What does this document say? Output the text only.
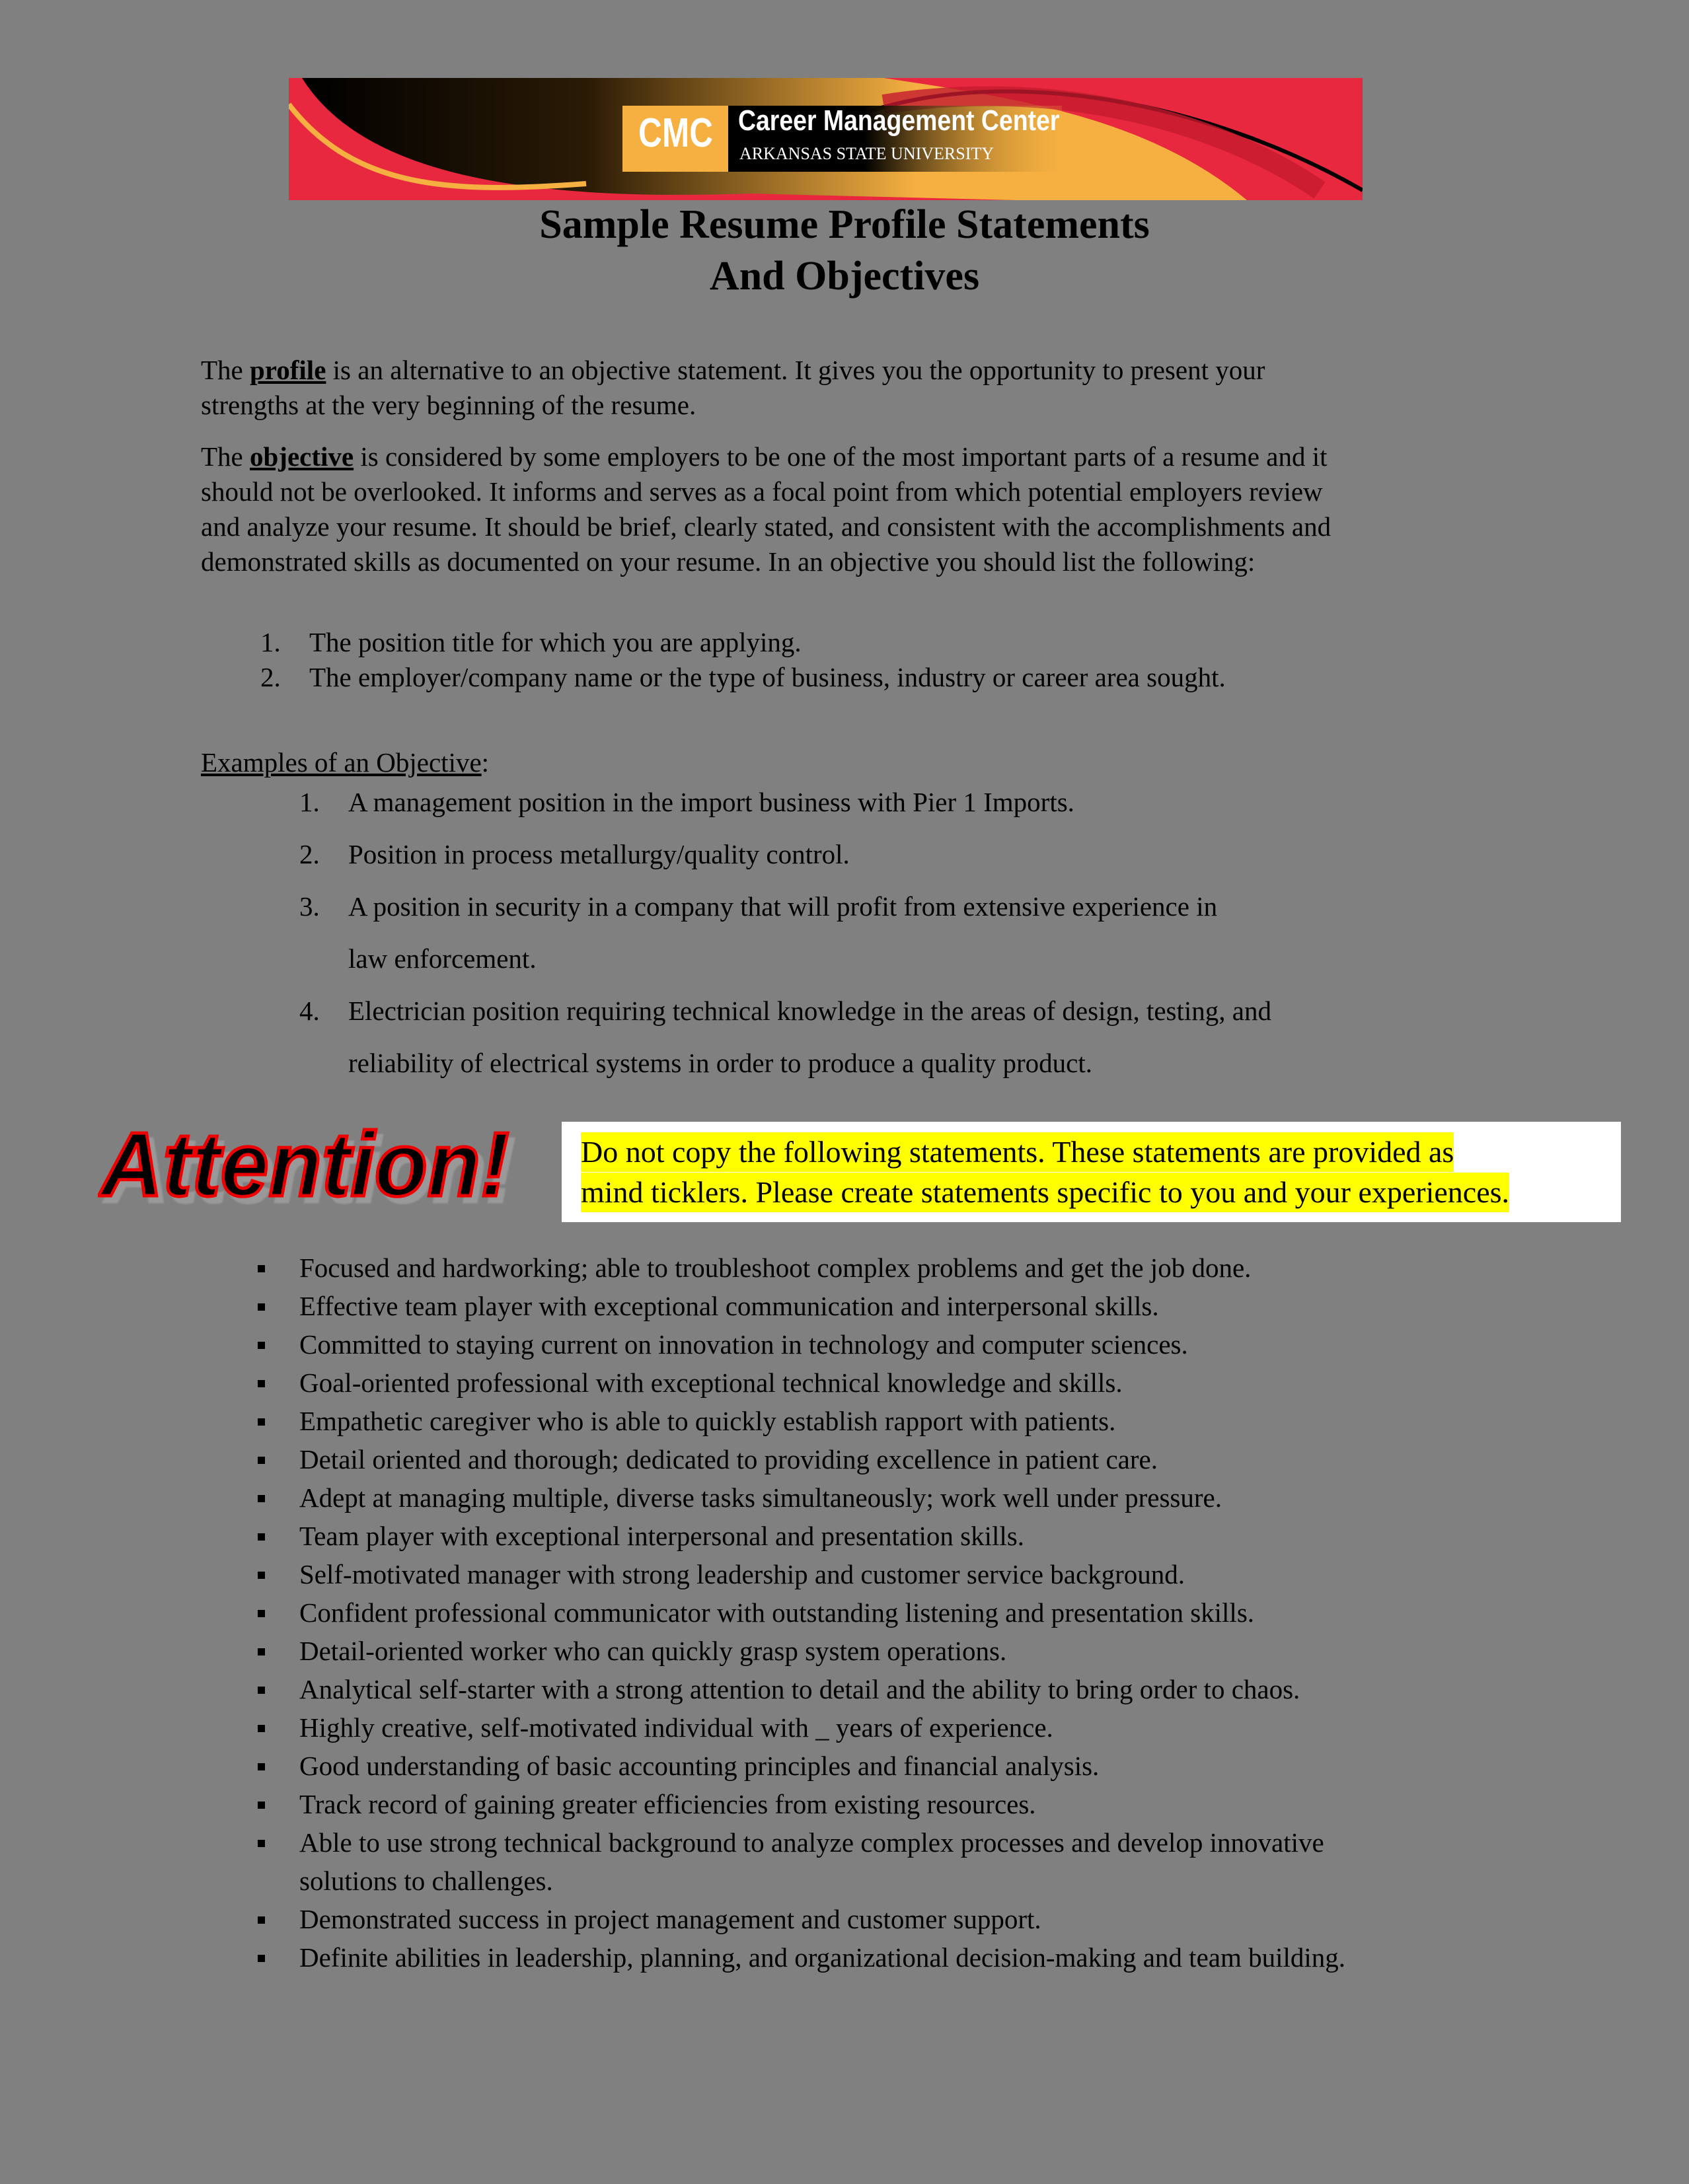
CMC Career Management Center
ARKANSAS STATE UNIVERSITY
Sample Resume Profile Statements
And Objectives
The profile is an alternative to an objective statement. It gives you the opportunity to present your
strengths at the very beginning of the resume.
The objective is considered by some employers to be one of the most important parts of a resume and it
should not be overlooked. It informs and serves as a focal point from which potential employers review
and analyze your resume. It should be brief, clearly stated, and consistent with the accomplishments and
demonstrated skills as documented on your resume. In an objective you should list the following:
1. The position title for which you are applying.
2. The employer/company name or the type of business, industry or career area sought.
Examples of an Objective:
1. A management position in the import business with Pier 1 Imports.
2. Position in process metallurgy/quality control.
3. A position in security in a company that will profit from extensive experience in
law enforcement.
4. Electrician position requiring technical knowledge in the areas of design, testing, and
reliability of electrical systems in order to produce a quality product.
Attention! Do not copy the following statements. These statements are provided as
mind ticklers. Please create statements specific to you and your experiences.
Focused and hardworking; able to troubleshoot complex problems and get the job done.
Effective team player with exceptional communication and interpersonal skills.
Committed to staying current on innovation in technology and computer sciences.
Goal-oriented professional with exceptional technical knowledge and skills.
Empathetic caregiver who is able to quickly establish rapport with patients.
Detail oriented and thorough; dedicated to providing excellence in patient care.
Adept at managing multiple, diverse tasks simultaneously; work well under pressure.
Team player with exceptional interpersonal and presentation skills.
Self-motivated manager with strong leadership and customer service background.
Confident professional communicator with outstanding listening and presentation skills.
Detail-oriented worker who can quickly grasp system operations.
Analytical self-starter with a strong attention to detail and the ability to bring order to chaos.
Highly creative, self-motivated individual with _ years of experience.
Good understanding of basic accounting principles and financial analysis.
Track record of gaining greater efficiencies from existing resources.
Able to use strong technical background to analyze complex processes and develop innovative
solutions to challenges.
Demonstrated success in project management and customer support.
Definite abilities in leadership, planning, and organizational decision-making and team building.
